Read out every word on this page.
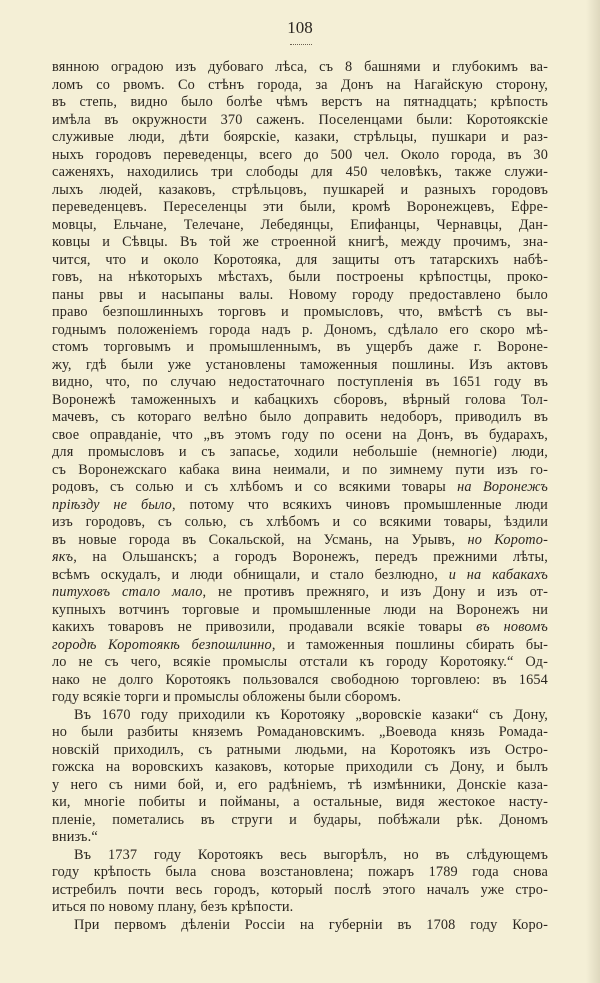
108
вянною оградою изъ дубоваго лѣса, съ 8 башнями и глубокимъ ва-
ломъ со рвомъ. Со стѣнъ города, за Донъ на Нагайскую сторону,
въ степь, видно было болѣе чѣмъ верстъ на пятнадцать; крѣпость
имѣла въ окружности 370 саженъ. Поселенцами были: Коротоякскіе
служивые люди, дѣти боярскіе, казаки, стрѣльцы, пушкари и раз-
ныхъ городовъ переведенцы, всего до 500 чел. Около города, въ 30
саженяхъ, находились три слободы для 450 человѣкъ, также служи-
лыхъ людей, казаковъ, стрѣльцовъ, пушкарей и разныхъ городовъ
переведенцевъ. Переселенцы эти были, кромѣ Воронежцевъ, Ефре-
мовцы, Ельчане, Телечане, Лебедянцы, Епифанцы, Чернавцы, Дан-
ковцы и Сѣвцы. Въ той же строенной книгѣ, между прочимъ, зна-
чится, что и около Коротояка, для защиты отъ татарскихъ набѣ-
говъ, на нѣкоторыхъ мѣстахъ, были построены крѣпостцы, проко-
паны рвы и насыпаны валы. Новому городу предоставлено было
право безпошлинныхъ торговъ и промысловъ, что, вмѣстѣ съ вы-
годнымъ положеніемъ города надъ р. Дономъ, сдѣлало его скоро мѣ-
стомъ торговымъ и промышленнымъ, въ ущербъ даже г. Вороне-
жу, гдѣ были уже установлены таможенныя пошлины. Изъ актовъ
видно, что, по случаю недостаточнаго поступленія въ 1651 году въ
Воронежѣ таможенныхъ и кабацкихъ сборовъ, вѣрный голова Тол-
мачевъ, съ котораго велѣно было доправить недоборъ, приводилъ въ
свое оправданіе, что „въ этомъ году по осени на Донъ, въ бударахъ,
для промысловъ и съ запасье, ходили небольшіе (немногіе) люди,
съ Воронежскаго кабака вина неимали, и по зимнему пути изъ го-
родовъ, съ солью и съ хлѣбомъ и со всякими товары на Воронежъ
пріѣзду не было, потому что всякихъ чиновъ промышленные люди
изъ городовъ, съ солью, съ хлѣбомъ и со всякими товары, ѣздили
въ новые города въ Сокальской, на Усмань, на Урывъ, но Корото-
якъ, на Ольшанскъ; а городъ Воронежъ, передъ прежними лѣты,
всѣмъ оскудалъ, и люди обнищали, и стало безлюдно, и на кабакахъ
питуховъ стало мало, не противъ прежняго, и изъ Дону и изъ от-
купныхъ вотчинъ торговые и промышленные люди на Воронежъ ни
какихъ товаровъ не привозили, продавали всякіе товары въ новомъ
городѣ Коротоякѣ безпошлинно, и таможенныя пошлины сбирать бы-
ло не съ чего, всякіе промыслы отстали къ городу Коротояку.“ Од-
нако не долго Коротоякъ пользовался свободною торговлею: въ 1654
году всякіе торги и промыслы обложены были сборомъ.
Въ 1670 году приходили къ Коротояку „воровскіе казаки“ съ Дону,
но были разбиты княземъ Ромадановскимъ. „Воевода князь Ромада-
новскій приходилъ, съ ратными людьми, на Коротоякъ изъ Остро-
гожска на воровскихъ казаковъ, которые приходили съ Дону, и былъ
у него съ ними бой, и, его радѣніемъ, тѣ измѣнники, Донскіе каза-
ки, многіе побиты и пойманы, а остальные, видя жестокое насту-
пленіе, пометались въ струги и будары, побѣжали рѣк. Дономъ
внизъ.“
Въ 1737 году Коротоякъ весь выгорѣлъ, но въ слѣдующемъ
году крѣпость была снова возстановлена; пожаръ 1789 года снова
истребилъ почти весь городъ, который послѣ этого началъ уже стро-
иться по новому плану, безъ крѣпости.
При первомъ дѣленіи Россіи на губерніи въ 1708 году Коро-
